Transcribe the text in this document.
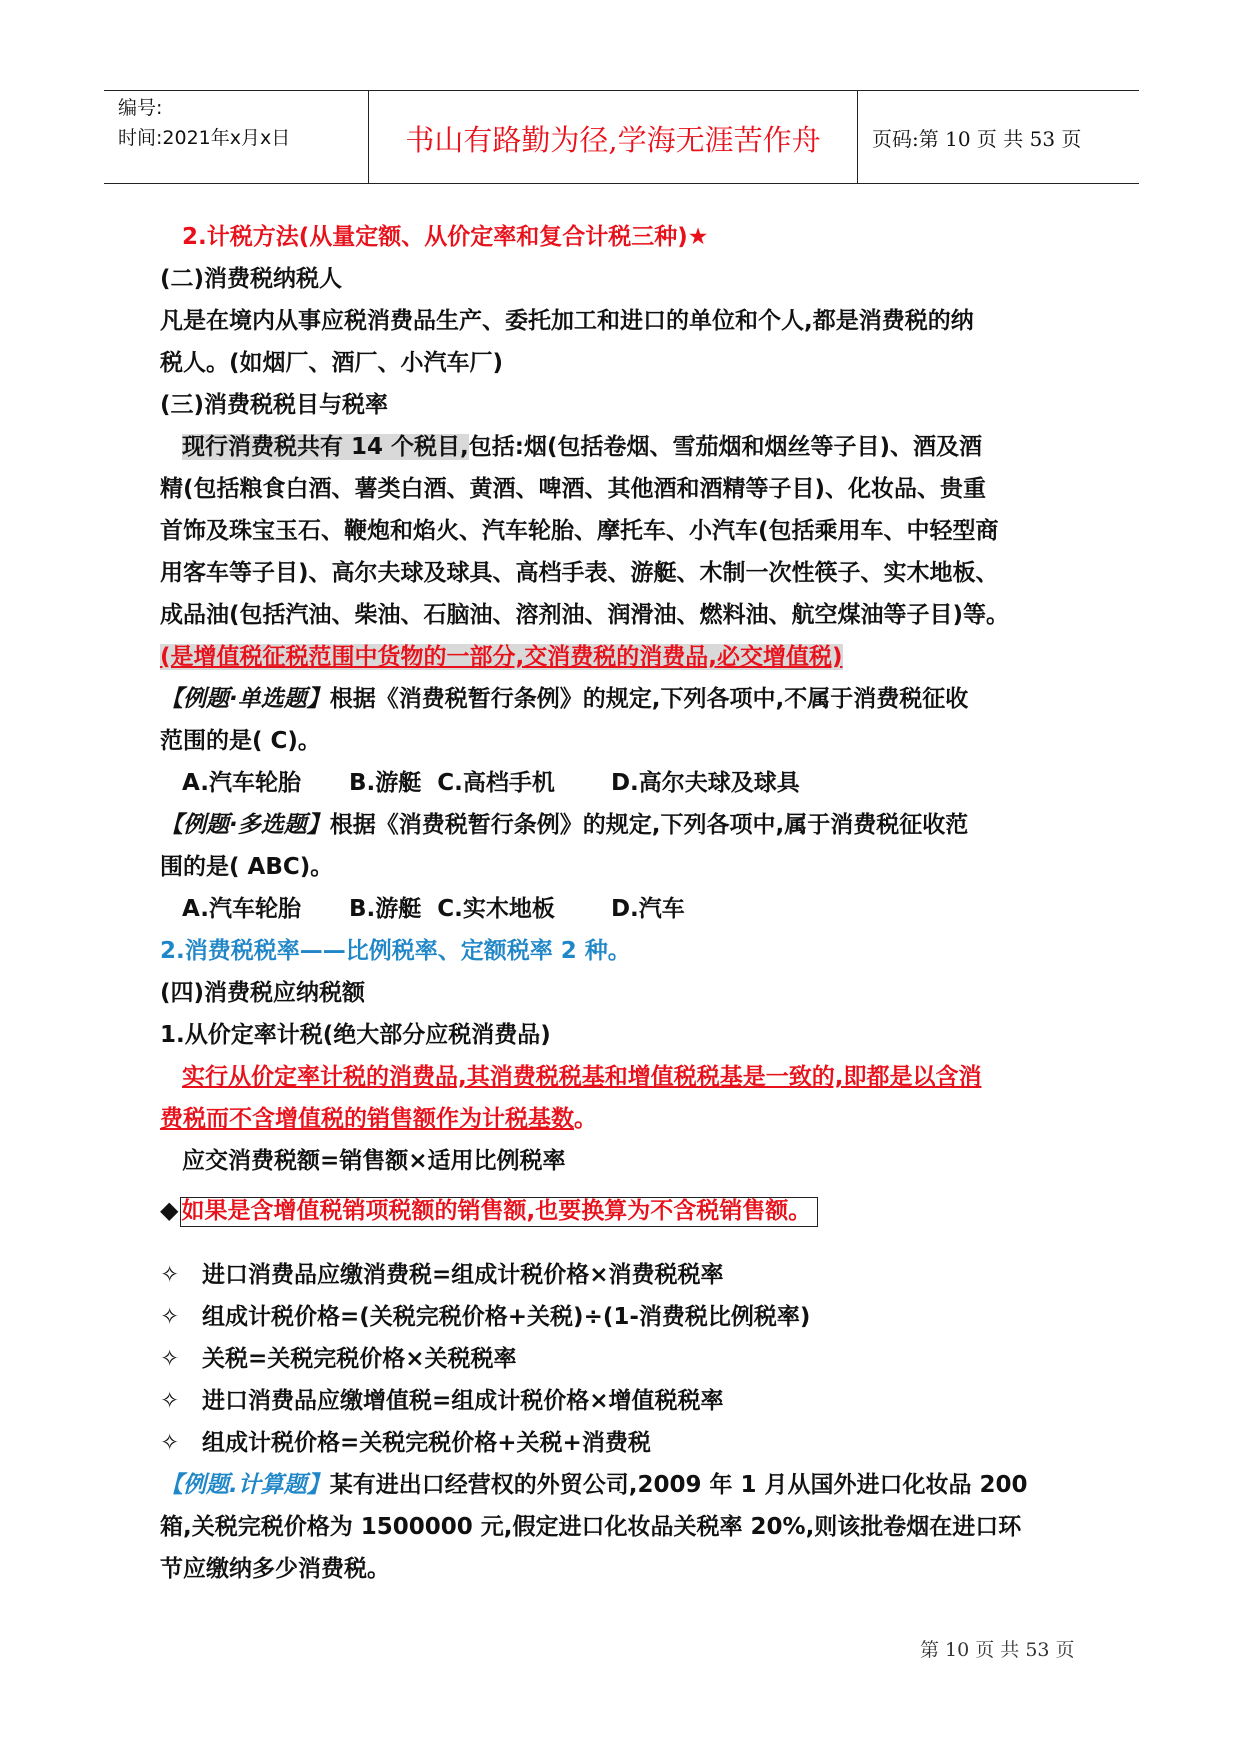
编号:
时间:2021年x月x日	书山有路勤为径,学海无涯苦作舟	页码:第 10 页 共 53 页
2.计税方法(从量定额、从价定率和复合计税三种)★
(二)消费税纳税人
凡是在境内从事应税消费品生产、委托加工和进口的单位和个人,都是消费税的纳
税人。(如烟厂、酒厂、小汽车厂)
(三)消费税税目与税率
现行消费税共有 14 个税目,包括:烟(包括卷烟、雪茄烟和烟丝等子目)、酒及酒
精(包括粮食白酒、薯类白酒、黄酒、啤酒、其他酒和酒精等子目)、化妆品、贵重
首饰及珠宝玉石、鞭炮和焰火、汽车轮胎、摩托车、小汽车(包括乘用车、中轻型商
用客车等子目)、高尔夫球及球具、高档手表、游艇、木制一次性筷子、实木地板、
成品油(包括汽油、柴油、石脑油、溶剂油、润滑油、燃料油、航空煤油等子目)等。
(是增值税征税范围中货物的一部分,交消费税的消费品,必交增值税)
【例题·单选题】根据《消费税暂行条例》的规定,下列各项中,不属于消费税征收
范围的是( C)。
A.汽车轮胎      B.游艇  C.高档手机       D.高尔夫球及球具
【例题·多选题】根据《消费税暂行条例》的规定,下列各项中,属于消费税征收范
围的是( ABC)。
A.汽车轮胎      B.游艇  C.实木地板       D.汽车
2.消费税税率——比例税率、定额税率 2 种。
(四)消费税应纳税额
1.从价定率计税(绝大部分应税消费品)
实行从价定率计税的消费品,其消费税税基和增值税税基是一致的,即都是以含消
费税而不含增值税的销售额作为计税基数。
应交消费税额=销售额×适用比例税率
◆ 如果是含增值税销项税额的销售额,也要换算为不含税销售额。
✧ 进口消费品应缴消费税=组成计税价格×消费税税率
✧ 组成计税价格=(关税完税价格+关税)÷(1-消费税比例税率)
✧ 关税=关税完税价格×关税税率
✧ 进口消费品应缴增值税=组成计税价格×增值税税率
✧ 组成计税价格=关税完税价格+关税+消费税
【例题.计算题】某有进出口经营权的外贸公司,2009 年 1 月从国外进口化妆品 200
箱,关税完税价格为 1500000 元,假定进口化妆品关税率 20%,则该批卷烟在进口环
节应缴纳多少消费税。
第 10 页 共 53 页
